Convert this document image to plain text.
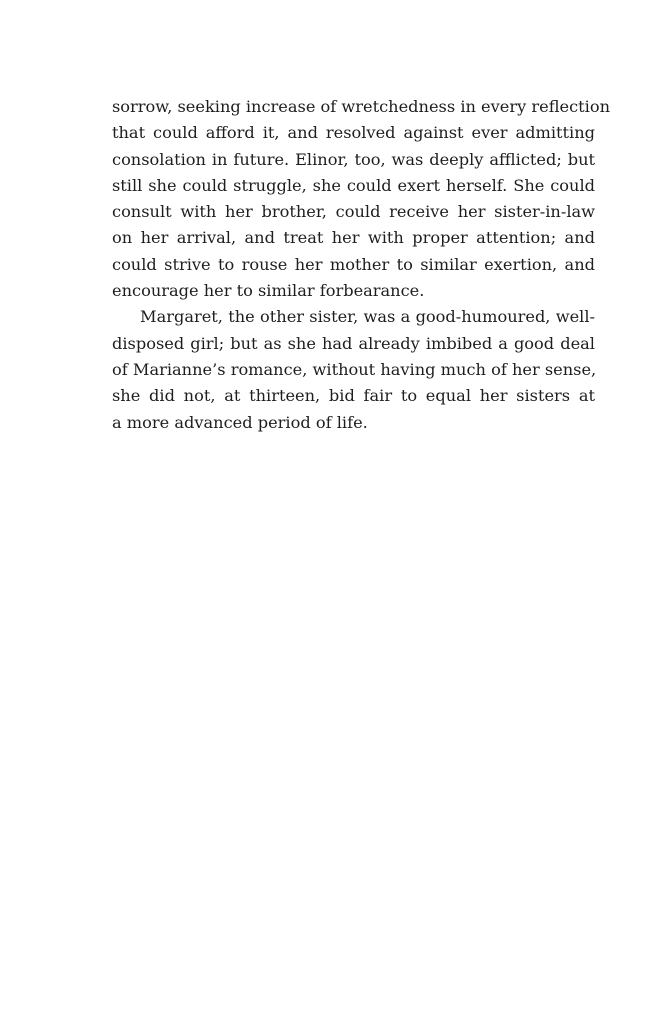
sorrow, seeking increase of wretchedness in every reflection
that could afford it, and resolved against ever admitting
consolation in future. Elinor, too, was deeply afflicted; but
still she could struggle, she could exert herself. She could
consult with her brother, could receive her sister-in-law
on her arrival, and treat her with proper attention; and
could strive to rouse her mother to similar exertion, and
encourage her to similar forbearance.
Margaret, the other sister, was a good-humoured, well-
disposed girl; but as she had already imbibed a good deal
of Marianne’s romance, without having much of her sense,
she did not, at thirteen, bid fair to equal her sisters at
a more advanced period of life.
